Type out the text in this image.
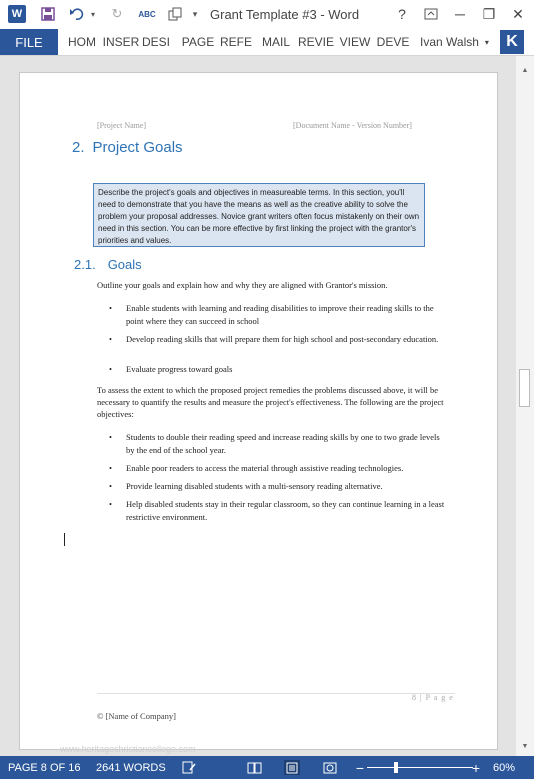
W	▾	↻	ABC	▾ Grant Template #3 - Word	?	─	❐	✕
FILE	HOM INSER DESI PAGE REFE MAIL REVIE VIEW DEVE Ivan Walsh ▾	K
[Project Name]	[Document Name - Version Number]
2. Project Goals
Describe the project's goals and objectives in measureable terms. In this section, you'll need to demonstrate that you have the means as well as the creative ability to solve the problem your proposal addresses. Novice grant writers often focus mistakenly on their own need in this section. You can be more effective by first linking the project with the grantor's priorities and values.
2.1. Goals
Outline your goals and explain how and why they are aligned with Grantor's mission.
• Enable students with learning and reading disabilities to improve their reading skills to the point where they can succeed in school
• Develop reading skills that will prepare them for high school and post-secondary education.
• Evaluate progress toward goals
To assess the extent to which the proposed project remedies the problems discussed above, it will be necessary to quantify the results and measure the project's effectiveness. The following are the project objectives:
• Students to double their reading speed and increase reading skills by one to two grade levels by the end of the school year.
• Enable poor readers to access the material through assistive reading technologies.
• Provide learning disabled students with a multi-sensory reading alternative.
• Help disabled students stay in their regular classroom, so they can continue learning in a least restrictive environment.
8 | P a g e
© [Name of Company]
www.heritagechristiancollege.com
▲
▼
PAGE 8 OF 16 2641 WORDS	−	+	60%
